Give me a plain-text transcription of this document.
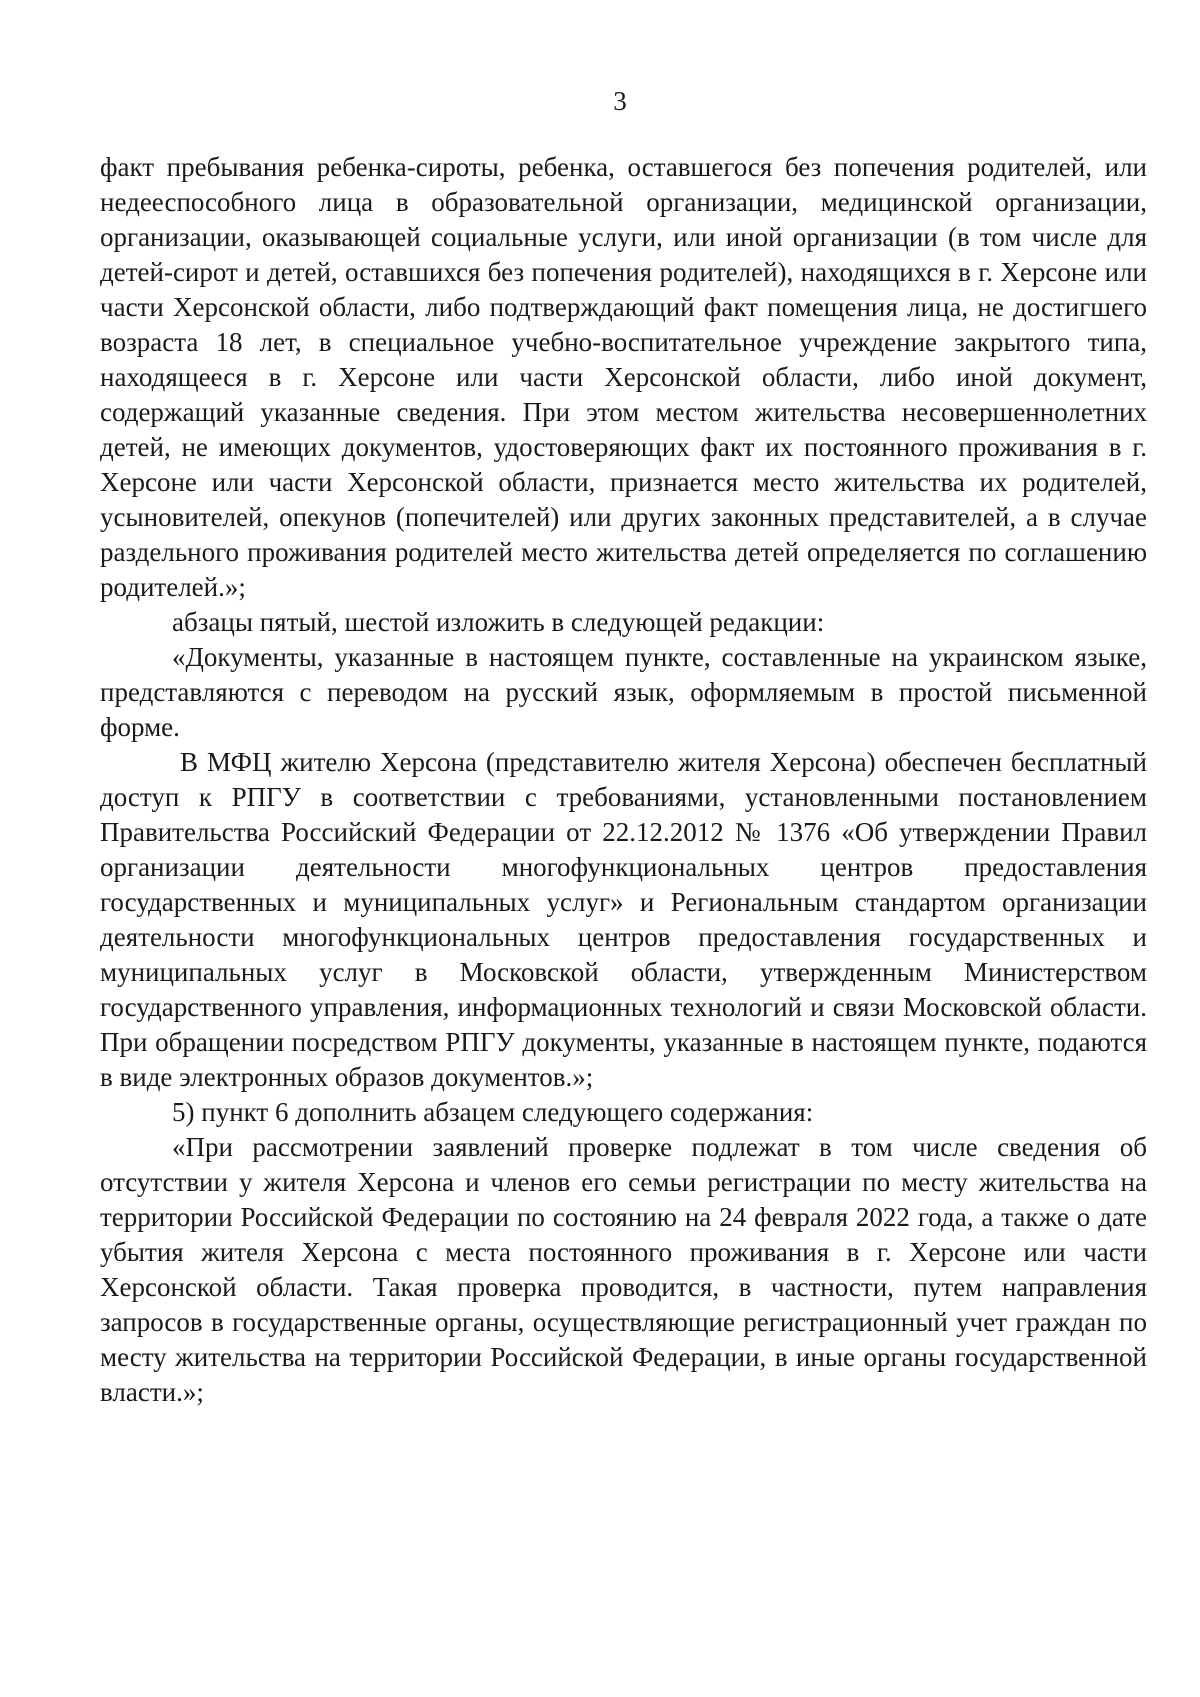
3

факт пребывания ребенка-сироты, ребенка, оставшегося без попечения родителей, или недееспособного лица в образовательной организации, медицинской организации, организации, оказывающей социальные услуги, или иной организации (в том числе для детей-сирот и детей, оставшихся без попечения родителей), находящихся в г. Херсоне или части Херсонской области, либо подтверждающий факт помещения лица, не достигшего возраста 18 лет, в специальное учебно-воспитательное учреждение закрытого типа, находящееся в г. Херсоне или части Херсонской области, либо иной документ, содержащий указанные сведения. При этом местом жительства несовершеннолетних детей, не имеющих документов, удостоверяющих факт их постоянного проживания в г. Херсоне или части Херсонской области, признается место жительства их родителей, усыновителей, опекунов (попечителей) или других законных представителей, а в случае раздельного проживания родителей место жительства детей определяется по соглашению родителей.»;

абзацы пятый, шестой изложить в следующей редакции:

«Документы, указанные в настоящем пункте, составленные на украинском языке, представляются с переводом на русский язык, оформляемым в простой письменной форме.

В МФЦ жителю Херсона (представителю жителя Херсона) обеспечен бесплатный доступ к РПГУ в соответствии с требованиями, установленными постановлением Правительства Российский Федерации от 22.12.2012 № 1376 «Об утверждении Правил организации деятельности многофункциональных центров предоставления государственных и муниципальных услуг» и Региональным стандартом организации деятельности многофункциональных центров предоставления государственных и муниципальных услуг в Московской области, утвержденным Министерством государственного управления, информационных технологий и связи Московской области. При обращении посредством РПГУ документы, указанные в настоящем пункте, подаются в виде электронных образов документов.»;

5) пункт 6 дополнить абзацем следующего содержания:

«При рассмотрении заявлений проверке подлежат в том числе сведения об отсутствии у жителя Херсона и членов его семьи регистрации по месту жительства на территории Российской Федерации по состоянию на 24 февраля 2022 года, а также о дате убытия жителя Херсона с места постоянного проживания в г. Херсоне или части Херсонской области. Такая проверка проводится, в частности, путем направления запросов в государственные органы, осуществляющие регистрационный учет граждан по месту жительства на территории Российской Федерации, в иные органы государственной власти.»;
